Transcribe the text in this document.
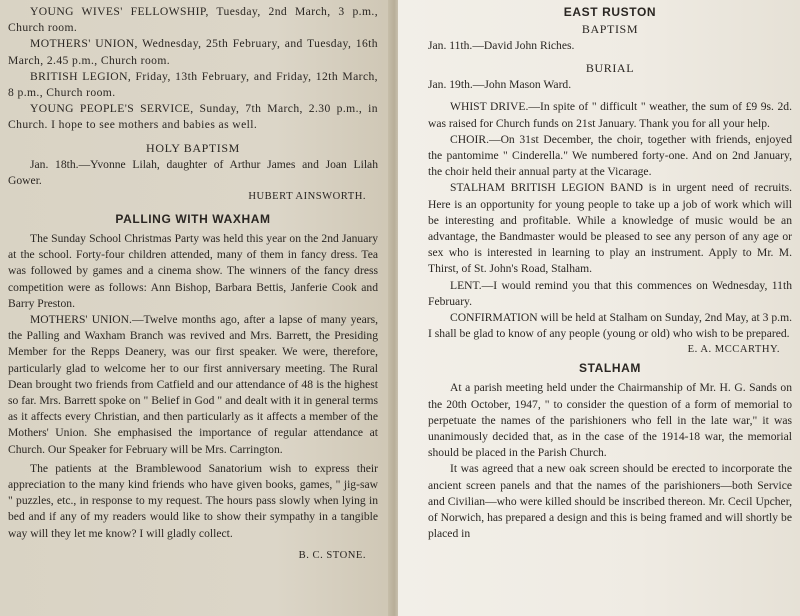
YOUNG WIVES' FELLOWSHIP, Tuesday, 2nd March, 3 p.m., Church room.

MOTHERS' UNION, Wednesday, 25th February, and Tuesday, 16th March, 2.45 p.m., Church room.

BRITISH LEGION, Friday, 13th February, and Friday, 12th March, 8 p.m., Church room.

YOUNG PEOPLE'S SERVICE, Sunday, 7th March, 2.30 p.m., in Church. I hope to see mothers and babies as well.

HOLY BAPTISM

Jan. 18th.—Yvonne Lilah, daughter of Arthur James and Joan Lilah Gower.

HUBERT AINSWORTH.

PALLING WITH WAXHAM

The Sunday School Christmas Party was held this year on the 2nd January at the school. Forty-four children attended, many of them in fancy dress. Tea was followed by games and a cinema show. The winners of the fancy dress competition were as follows: Ann Bishop, Barbara Bettis, Janferie Cook and Barry Preston.

MOTHERS' UNION.—Twelve months ago, after a lapse of many years, the Palling and Waxham Branch was revived and Mrs. Barrett, the Presiding Member for the Repps Deanery, was our first speaker. We were, therefore, particularly glad to welcome her to our first anniversary meeting. The Rural Dean brought two friends from Catfield and our attendance of 48 is the highest so far. Mrs. Barrett spoke on " Belief in God " and dealt with it in general terms as it affects every Christian, and then particularly as it affects a member of the Mothers' Union. She emphasised the importance of regular attendance at Church. Our Speaker for February will be Mrs. Carrington.

The patients at the Bramblewood Sanatorium wish to express their appreciation to the many kind friends who have given books, games, " jig-saw " puzzles, etc., in response to my request. The hours pass slowly when lying in bed and if any of my readers would like to show their sympathy in a tangible way will they let me know? I will gladly collect.

B. C. STONE.

EAST RUSTON

BAPTISM

Jan. 11th.—David John Riches.

BURIAL

Jan. 19th.—John Mason Ward.

WHIST DRIVE.—In spite of " difficult " weather, the sum of £9 9s. 2d. was raised for Church funds on 21st January. Thank you for all your help.

CHOIR.—On 31st December, the choir, together with friends, enjoyed the pantomime " Cinderella." We numbered forty-one. And on 2nd January, the choir held their annual party at the Vicarage.

STALHAM BRITISH LEGION BAND is in urgent need of recruits. Here is an opportunity for young people to take up a job of work which will be interesting and profitable. While a knowledge of music would be an advantage, the Bandmaster would be pleased to see any person of any age or sex who is interested in learning to play an instrument. Apply to Mr. M. Thirst, of St. John's Road, Stalham.

LENT.—I would remind you that this commences on Wednesday, 11th February.

CONFIRMATION will be held at Stalham on Sunday, 2nd May, at 3 p.m. I shall be glad to know of any people (young or old) who wish to be prepared.

E. A. MCCARTHY.

STALHAM

At a parish meeting held under the Chairmanship of Mr. H. G. Sands on the 20th October, 1947, " to consider the question of a form of memorial to perpetuate the names of the parishioners who fell in the late war," it was unanimously decided that, as in the case of the 1914-18 war, the memorial should be placed in the Parish Church.

It was agreed that a new oak screen should be erected to incorporate the ancient screen panels and that the names of the parishioners—both Service and Civilian—who were killed should be inscribed thereon. Mr. Cecil Upcher, of Norwich, has prepared a design and this is being framed and will shortly be placed in
